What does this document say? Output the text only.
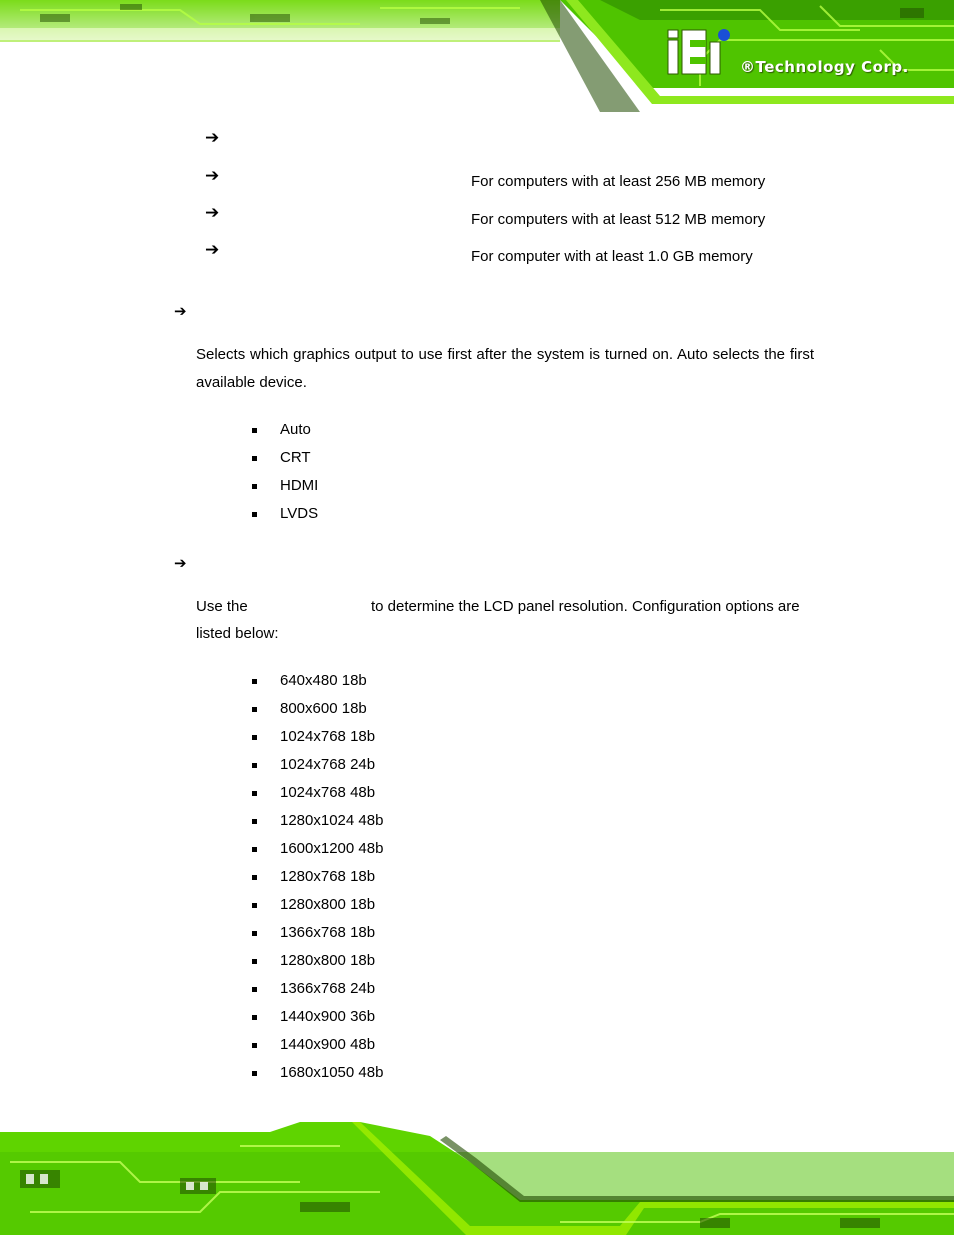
®Technology Corp.
➔
➔	For computers with at least 256 MB memory
➔	For computers with at least 512 MB memory
➔	For computer with at least 1.0 GB memory
➔
Selects which graphics output to use first after the system is turned on. Auto selects the first available device.
Auto
CRT
HDMI
LVDS
➔
Use the	to determine the LCD panel resolution. Configuration options are
listed below:
640x480 18b
800x600 18b
1024x768 18b
1024x768 24b
1024x768 48b
1280x1024 48b
1600x1200 48b
1280x768 18b
1280x800 18b
1366x768 18b
1280x800 18b
1366x768 24b
1440x900 36b
1440x900 48b
1680x1050 48b
